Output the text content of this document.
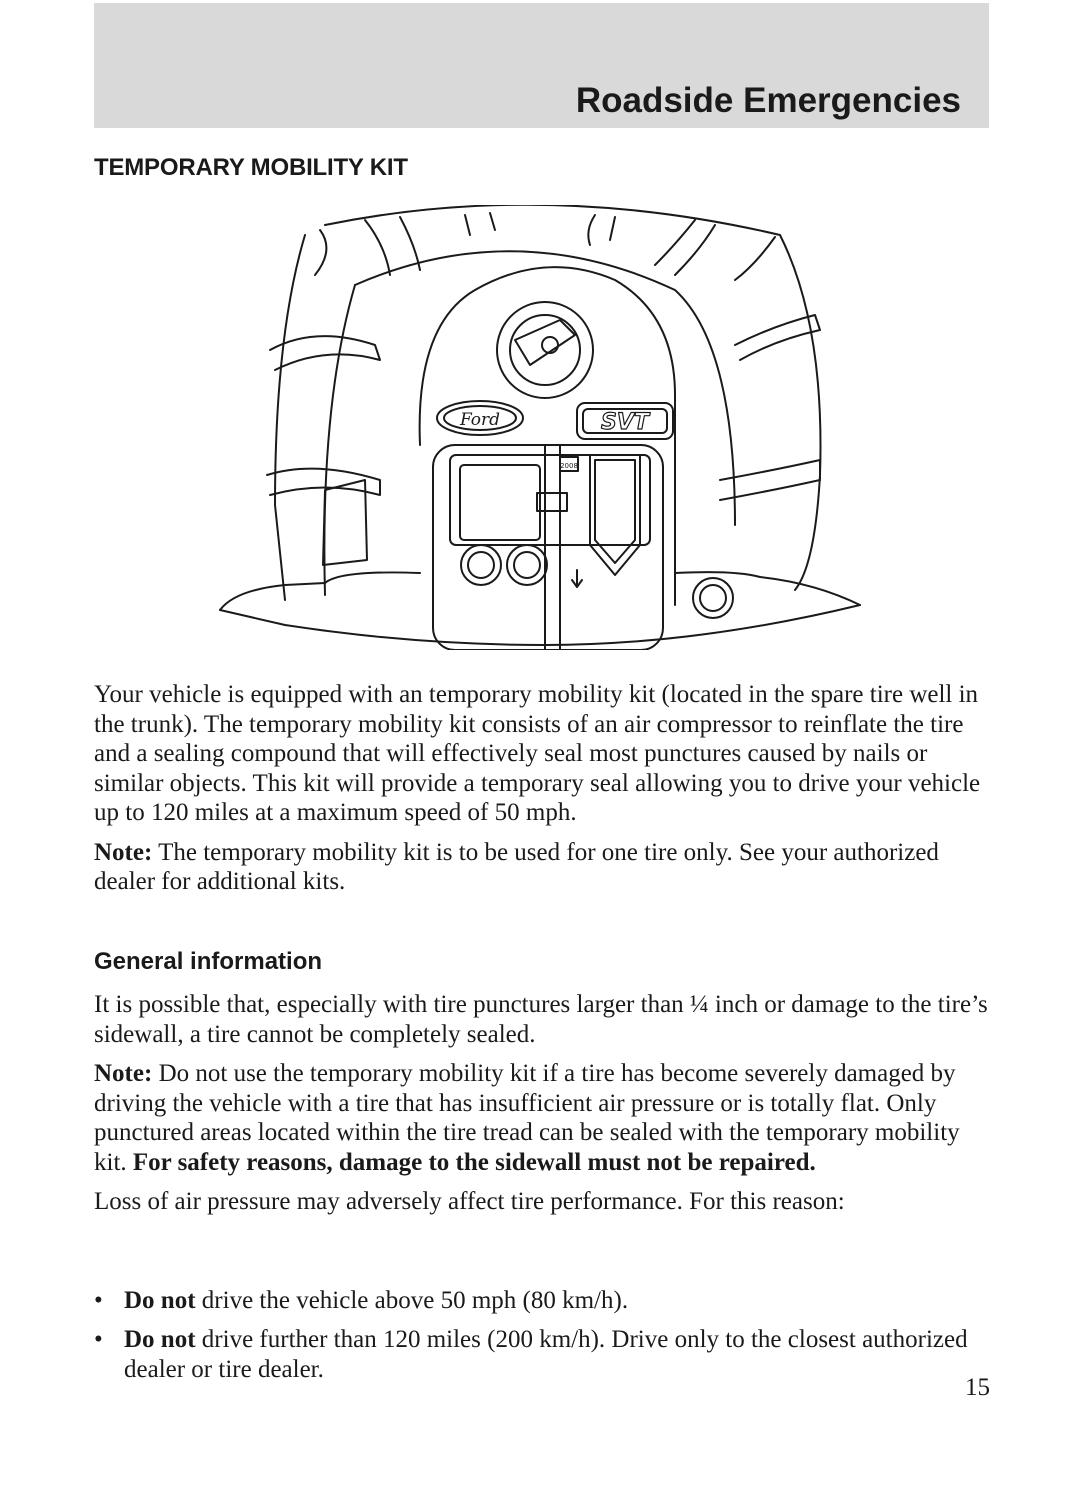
Roadside Emergencies
TEMPORARY MOBILITY KIT
Ford	SVT
2008

Your vehicle is equipped with an temporary mobility kit (located in the spare tire well in the trunk). The temporary mobility kit consists of an air compressor to reinflate the tire and a sealing compound that will effectively seal most punctures caused by nails or similar objects. This kit will provide a temporary seal allowing you to drive your vehicle up to 120 miles at a maximum speed of 50 mph.

Note: The temporary mobility kit is to be used for one tire only. See your authorized dealer for additional kits.

General information

It is possible that, especially with tire punctures larger than ¼ inch or damage to the tire’s sidewall, a tire cannot be completely sealed.

Note: Do not use the temporary mobility kit if a tire has become severely damaged by driving the vehicle with a tire that has insufficient air pressure or is totally flat. Only punctured areas located within the tire tread can be sealed with the temporary mobility kit. For safety reasons, damage to the sidewall must not be repaired.

Loss of air pressure may adversely affect tire performance. For this reason:

• Do not drive the vehicle above 50 mph (80 km/h).
• Do not drive further than 120 miles (200 km/h). Drive only to the closest authorized dealer or tire dealer.
15
